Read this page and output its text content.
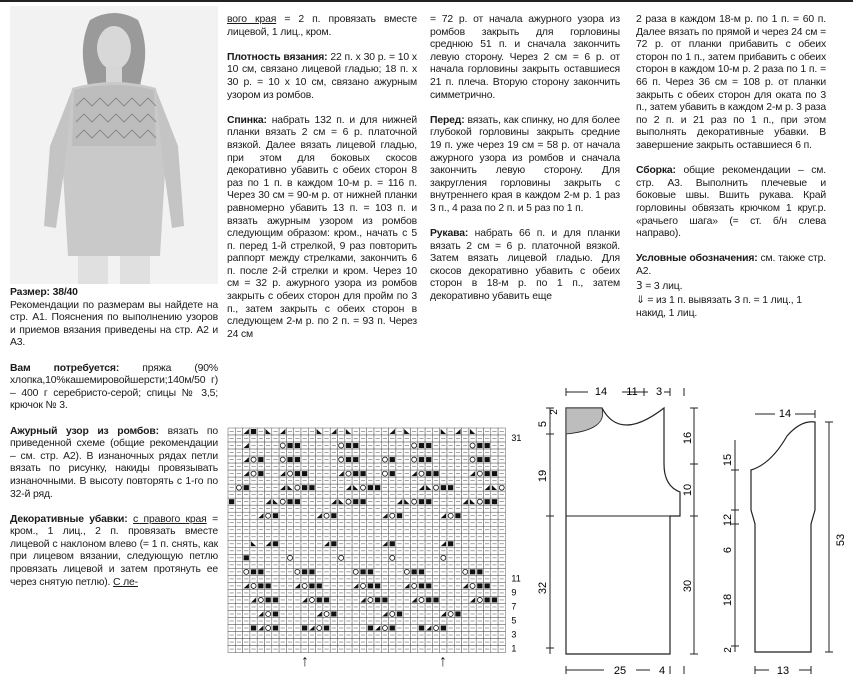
Размер: 38/40
Рекомендации по размерам вы найдете на стр. А1. Пояснения по выполнению узоров и приемов вязания приведены на стр. А2 и А3.

Вам потребуется: пряжа (90% хлопка,10%кашемировойшерсти;140м/50 г) – 400 г серебристо-серой; спицы № 3,5; крючок № 3.

Ажурный узор из ромбов: вязать по приведенной схеме (общие рекомендации – см. стр. А2). В изнаночных рядах петли вязать по рисунку, накиды провязывать изнаночными. В высоту повторять с 1-го по 32-й ряд.

Декоративные убавки: с правого края = кром., 1 лиц., 2 п. провязать вместе лицевой с наклоном влево (= 1 п. снять, как при лицевом вязании, следующую петлю провязать лицевой и затем протянуть ее через снятую петлю). С ле-

вого края = 2 п. провязать вместе лицевой, 1 лиц., кром.

Плотность вязания: 22 п. х 30 р. = 10 х 10 см, связано лицевой гладью; 18 п. х 30 р. = 10 х 10 см, связано ажурным узором из ромбов.

Спинка: набрать 132 п. и для нижней планки вязать 2 см = 6 р. платочной вязкой. Далее вязать лицевой гладью, при этом для боковых скосов декоративно убавить с обеих сторон 8 раз по 1 п. в каждом 10-м р. = 116 п. Через 30 см = 90-м р. от нижней планки равномерно убавить 13 п. = 103 п. и вязать ажурным узором из ромбов следующим образом: кром., начать с 5 п. перед 1-й стрелкой, 9 раз повторить раппорт между стрелками, закончить 6 п. после 2-й стрелки и кром. Через 10 см = 32 р. ажурного узора из ромбов закрыть с обеих сторон для пройм по 3 п., затем закрыть с обеих сторон в следующем 2-м р. по 2 п. = 93 п. Через 24 см

= 72 р. от начала ажурного узора из ромбов закрыть для горловины среднюю 51 п. и сначала закончить левую сторону. Через 2 см = 6 р. от начала горловины закрыть оставшиеся 21 п. плеча. Вторую сторону закончить симметрично.

Перед: вязать, как спинку, но для более глубокой горловины закрыть средние 19 п. уже через 19 см = 58 р. от начала ажурного узора из ромбов и сначала закончить левую сторону. Для закругления горловины закрыть с внутреннего края в каждом 2-м р. 1 раз 3 п., 4 раза по 2 п. и 5 раз по 1 п.

Рукава: набрать 66 п. и для планки вязать 2 см = 6 р. платочной вязкой. Затем вязать лицевой гладью. Для скосов декоративно убавить с обеих сторон в 18-м р. по 1 п., затем декоративно убавить еще

2 раза в каждом 18-м р. по 1 п. = 60 п. Далее вязать по прямой и через 24 см = 72 р. от планки прибавить с обеих сторон по 1 п., затем прибавить с обеих сторон в каждом 10-м р. 2 раза по 1 п. = 66 п. Через 36 см = 108 р. от планки закрыть с обеих сторон для оката по 3 п., затем убавить в каждом 2-м р. 3 раза по 2 п. и 21 раз по 1 п., при этом выполнять декоративные убавки. В завершение закрыть оставшиеся 6 п.

Сборка: общие рекомендации – см. стр. А3. Выполнить плечевые и боковые швы. Вшить рукава. Край горловины обвязать крючком 1 круг.р. «рачьего шага» (= ст. б/н слева направо).

Условные обозначения: см. также стр. А2.

3 = 3 лиц.
⇓ = из 1 п. вывязать 3 п. = 1 лиц., 1 накид, 1 лиц.
1
3
5
7
9
11
31
↑	↑
14 11 3
5
2
19
32
16
10
30
25	4
14
15
12
6
18
2
53
13
